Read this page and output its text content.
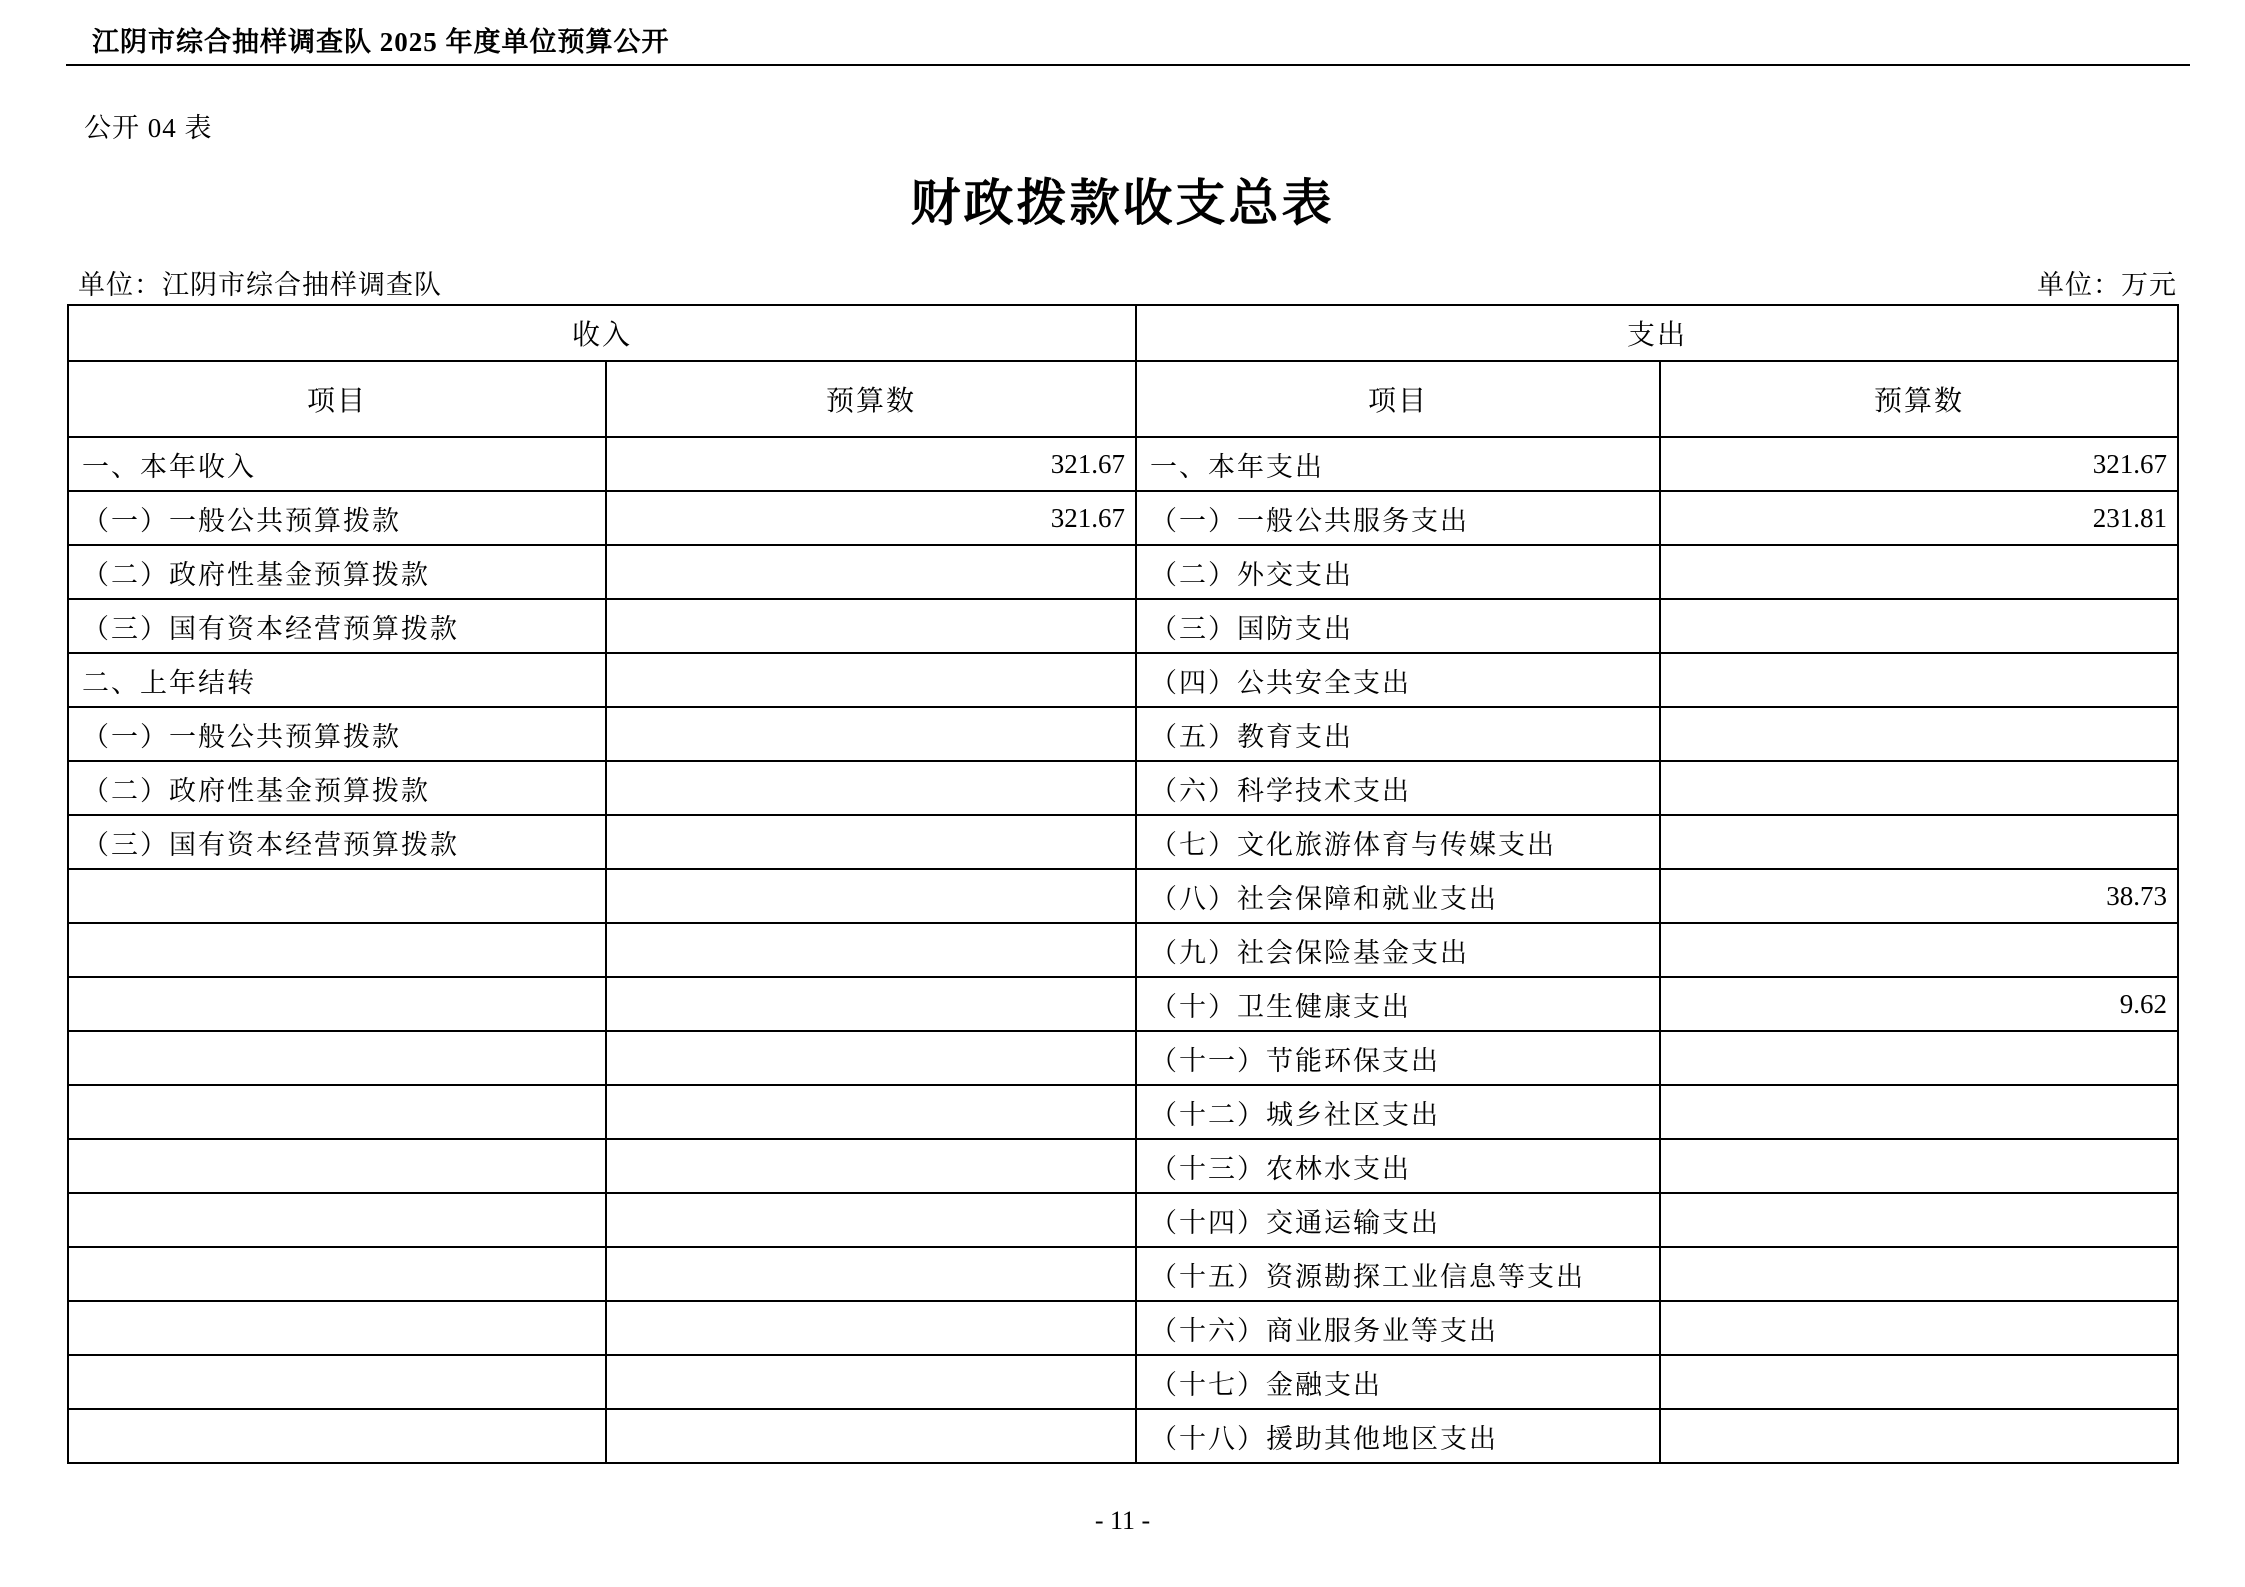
江阴市综合抽样调查队 2025 年度单位预算公开
公开 04 表
财政拨款收支总表
单位：江阴市综合抽样调查队	单位：万元
收入		支出	
项目	预算数	项目	预算数
一、本年收入	321.67	一、本年支出	321.67
（一）一般公共预算拨款	321.67	（一）一般公共服务支出	231.81
（二）政府性基金预算拨款		（二）外交支出	
（三）国有资本经营预算拨款		（三）国防支出	
二、上年结转		（四）公共安全支出	
（一）一般公共预算拨款		（五）教育支出	
（二）政府性基金预算拨款		（六）科学技术支出	
（三）国有资本经营预算拨款		（七）文化旅游体育与传媒支出	
		（八）社会保障和就业支出	38.73
		（九）社会保险基金支出	
		（十）卫生健康支出	9.62
		（十一）节能环保支出	
		（十二）城乡社区支出	
		（十三）农林水支出	
		（十四）交通运输支出	
		（十五）资源勘探工业信息等支出	
		（十六）商业服务业等支出	
		（十七）金融支出	
		（十八）援助其他地区支出	
- 11 -
